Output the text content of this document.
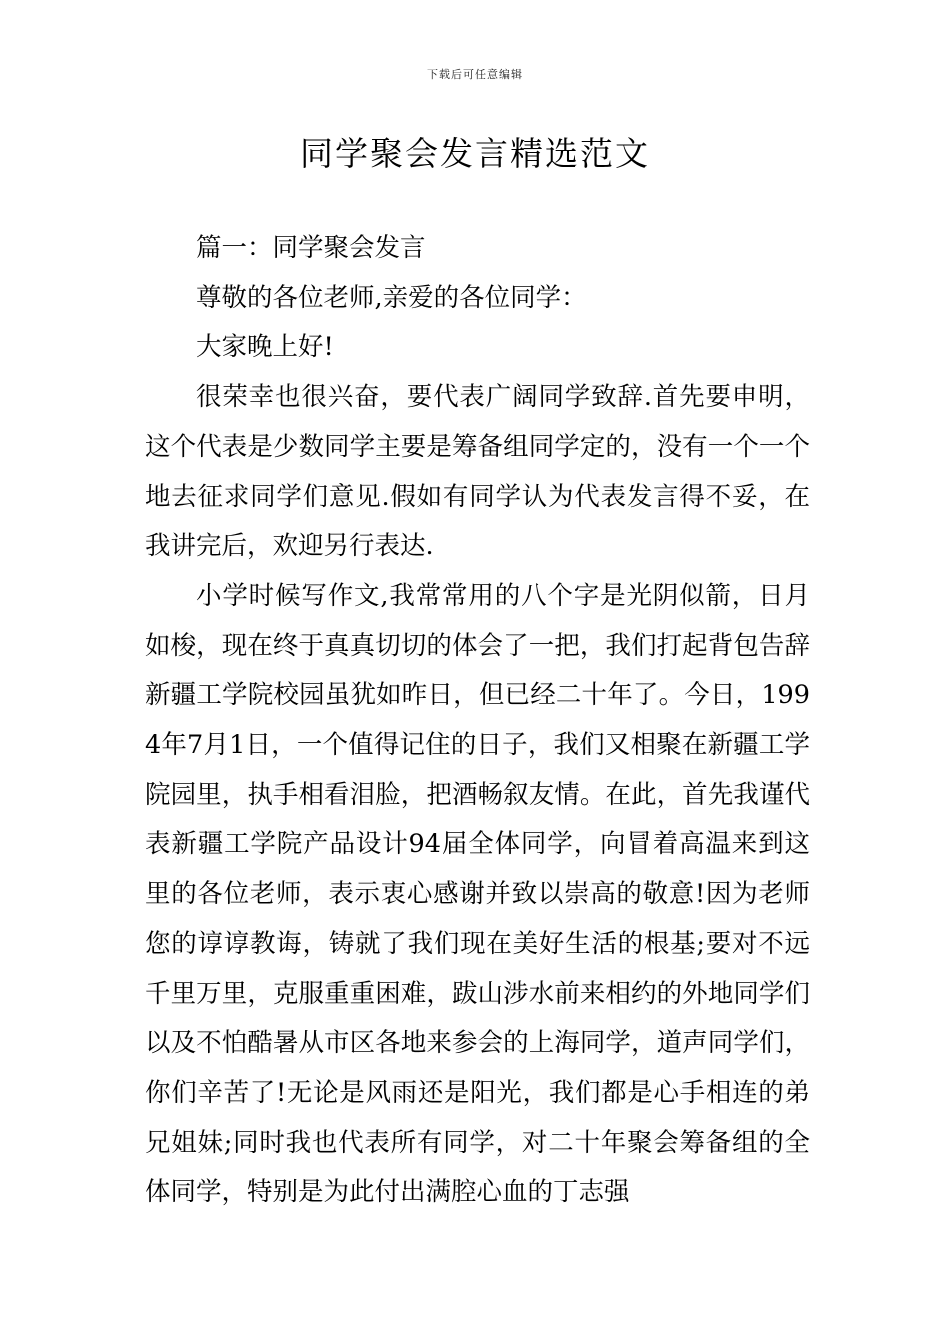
下载后可任意编辑
同学聚会发言精选范文

篇一：同学聚会发言

尊敬的各位老师,亲爱的各位同学：

大家晚上好!

很荣幸也很兴奋，要代表广阔同学致辞.首先要申明，这个代表是少数同学主要是筹备组同学定的，没有一个一个地去征求同学们意见.假如有同学认为代表发言得不妥，在我讲完后，欢迎另行表达.

小学时候写作文,我常常用的八个字是光阴似箭，日月如梭，现在终于真真切切的体会了一把，我们打起背包告辞新疆工学院校园虽犹如昨日，但已经二十年了。今日，1994年7月1日，一个值得记住的日子，我们又相聚在新疆工学院园里，执手相看泪脸，把酒畅叙友情。在此，首先我谨代表新疆工学院产品设计94届全体同学，向冒着高温来到这里的各位老师，表示衷心感谢并致以崇高的敬意!因为老师您的谆谆教诲，铸就了我们现在美好生活的根基;要对不远千里万里，克服重重困难，跋山涉水前来相约的外地同学们以及不怕酷暑从市区各地来参会的上海同学，道声同学们，你们辛苦了!无论是风雨还是阳光，我们都是心手相连的弟兄姐妹;同时我也代表所有同学，对二十年聚会筹备组的全体同学，特别是为此付出满腔心血的丁志强
